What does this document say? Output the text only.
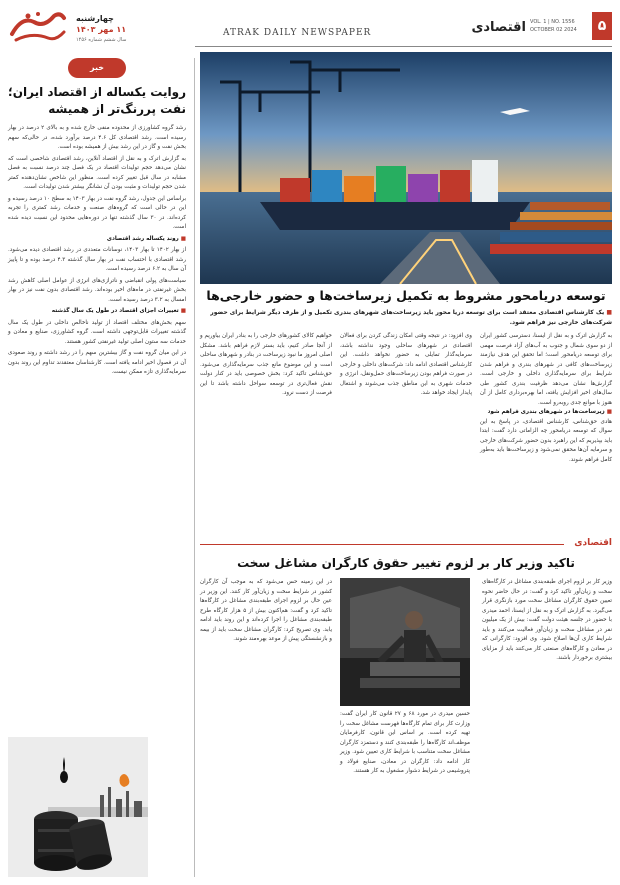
چهارشنبه
۱۱ مهر ۱۴۰۳
سال ششم شماره ۱۴۵۶
ATRAK DAILY NEWSPAPER	اقتصادی VOL. 1 | NO. 1556
OCTOBER 02 2024	۵
خبر
روایت یکساله از اقتصاد ایران؛ نفت پررنگ‌تر از همیشه

رشد گروه کشاورزی از محدوده منفی خارج شده و به بالای ۲ درصد در بهار رسیده است. رشد اقتصادی کل ۴.۶ درصد برآورد شده، در حالی‌که سهم بخش نفت و گاز در این رشد بیش از همیشه بوده است.

به گزارش اترک و به نقل از اقتصاد آنلاین، رشد اقتصادی شاخصی است که نشان می‌دهد حجم تولیدات اقتصاد در یک فصل چند درصد نسبت به فصل مشابه در سال قبل تغییر کرده است. منظور این شاخص نشان‌دهنده کمتر شدن حجم تولیدات و مثبت بودن آن نشانگر بیشتر شدن تولیدات است.

براساس این جدول، رشد گروه نفت در بهار ۱۴۰۳ به سطح ۱۰ درصد رسیده و این در حالی است که گروه‌های صنعت و خدمات رشد کمتری را تجربه کرده‌اند. در ۳۰ سال گذشته تنها در دوره‌هایی محدود این نسبت دیده شده است.

■ روند یکساله رشد اقتصادی

از بهار ۱۴۰۲ تا بهار ۱۴۰۳، نوسانات متعددی در رشد اقتصادی دیده می‌شود. رشد اقتصادی با احتساب نفت در بهار سال گذشته ۴.۳ درصد بوده و تا پاییز آن سال به ۶.۲ درصد رسیده است.

سیاست‌های پولی انقباضی و ناترازی‌های انرژی از عوامل اصلی کاهش رشد بخش غیرنفتی در ماه‌های اخیر بوده‌اند. رشد اقتصادی بدون نفت نیز در بهار امسال به ۳.۲ درصد رسیده است.

■ تغییرات اجزای اقتصاد در طول یک سال گذشته

سهم بخش‌های مختلف اقتصاد از تولید ناخالص داخلی در طول یک سال گذشته تغییرات قابل‌توجهی داشته است. گروه کشاورزی، صنایع و معادن و خدمات سه ستون اصلی تولید غیرنفتی کشور هستند.

در این میان گروه نفت و گاز بیشترین سهم را در رشد داشته و روند صعودی آن در فصول اخیر ادامه یافته است. کارشناسان معتقدند تداوم این روند بدون سرمایه‌گذاری تازه ممکن نیست.

توسعه دریامحور مشروط به تکمیل زیرساخت‌ها و حضور خارجی‌ها
■ یک کارشناس اقتصادی معتقد است برای توسعه دریا محور باید زیرساخت‌های شهرهای بندری تکمیل و از طرف دیگر شرایط برای حضور شرکت‌های خارجی نیز فراهم شود.

به گزارش اترک و به نقل از ایسنا، دسترسی کشور ایران از دو سوی شمال و جنوب به آب‌های آزاد فرصت مهمی برای توسعه دریامحور است؛ اما تحقق این هدف نیازمند زیرساخت‌های کافی در شهرهای بندری و فراهم شدن شرایط برای سرمایه‌گذاری داخلی و خارجی است. گزارش‌ها نشان می‌دهد ظرفیت بندری کشور طی سال‌های اخیر افزایش یافته، اما بهره‌برداری کامل از آن هنوز با موانع جدی روبه‌رو است.

■ زیرساخت‌ها در شهرهای بندری فراهم شود

هادی حق‌شناس، کارشناس اقتصادی، در پاسخ به این سوال که توسعه دریامحور چه الزاماتی دارد گفت: ابتدا باید بپذیریم که این راهبرد بدون حضور شرکت‌های خارجی و سرمایه آن‌ها محقق نمی‌شود و زیرساخت‌ها باید به‌طور کامل فراهم شوند.

وی افزود: در نتیجه وقتی امکان زندگی کردن برای فعالان اقتصادی در شهرهای ساحلی وجود نداشته باشد، سرمایه‌گذار تمایلی به حضور نخواهد داشت. این کارشناس اقتصادی ادامه داد: شرکت‌های داخلی و خارجی در صورت فراهم بودن زیرساخت‌های حمل‌ونقل، انرژی و خدمات شهری به این مناطق جذب می‌شوند و اشتغال پایدار ایجاد خواهد شد.

خواهیم کالای کشورهای خارجی را به بنادر ایران بیاوریم و از آنجا صادر کنیم، باید بستر لازم فراهم باشد. مشکل اصلی امروز ما نبود زیرساخت در بنادر و شهرهای ساحلی است و این موضوع مانع جذب سرمایه‌گذاری می‌شود. حق‌شناس تاکید کرد: بخش خصوصی باید در کنار دولت نقش فعال‌تری در توسعه سواحل داشته باشد تا این فرصت از دست نرود.

اقتصادی
تاکید وزیر کار بر لزوم تغییر حقوق کارگران مشاغل سخت
وزیر کار بر لزوم اجرای طبقه‌بندی مشاغل در کارگاه‌های سخت و زیان‌آور تاکید کرد و گفت: در حال حاضر نحوه تعیین حقوق کارگران مشاغل سخت مورد بازنگری قرار می‌گیرد. به گزارش اترک و به نقل از ایسنا، احمد میدری با حضور در جلسه هیئت دولت گفت: بیش از یک میلیون نفر در مشاغل سخت و زیان‌آور فعالیت می‌کنند و باید شرایط کاری آن‌ها اصلاح شود. وی افزود: کارگرانی که در معادن و کارگاه‌های صنعتی کار می‌کنند باید از مزایای بیشتری برخوردار باشند.
حسین میدری در مورد ۶۸ و ۲۷ قانون کار ایران گفت: وزارت کار برای تمام کارگاه‌ها فهرست مشاغل سخت را تهیه کرده است. بر اساس این قانون، کارفرمایان موظف‌اند کارگاه‌ها را طبقه‌بندی کنند و دستمزد کارگران مشاغل سخت متناسب با شرایط کاری تعیین شود. وزیر کار ادامه داد: کارگران در معادن، صنایع فولاد و پتروشیمی در شرایط دشوار مشغول به کار هستند.
در این زمینه حس می‌شود که به موجب آن کارگران کشور در شرایط سخت و زیان‌آور کار کنند. این وزیر در عین حال بر لزوم اجرای طبقه‌بندی مشاغل در کارگاه‌ها تاکید کرد و گفت: هم‌اکنون بیش از ۵ هزار کارگاه طرح طبقه‌بندی مشاغل را اجرا کرده‌اند و این روند باید ادامه یابد. وی تصریح کرد: کارگران مشاغل سخت باید از بیمه و بازنشستگی پیش از موعد بهره‌مند شوند.
